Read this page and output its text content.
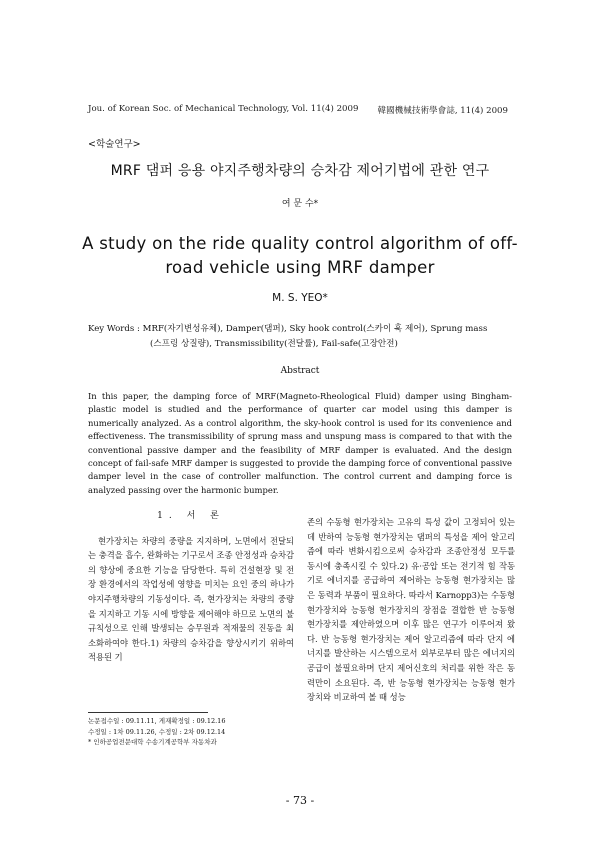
Jou. of Korean Soc. of Mechanical Technology, Vol. 11(4) 2009 韓國機械技術學會誌, 11(4) 2009
<학술연구>
MRF 댐퍼 응용 야지주행차량의 승차감 제어기법에 관한 연구
여 문 수*
A study on the ride quality control algorithm of off-road vehicle using MRF damper
M. S. YEO*
Key Words : MRF(자기변성유체), Damper(댐퍼), Sky hook control(스카이 훅 제어), Sprung mass
(스프링 상질량), Transmissibility(전달률), Fail-safe(고장안전)
Abstract
In this paper, the damping force of MRF(Magneto-Rheological Fluid) damper using Bingham-plastic model is studied and the performance of quarter car model using this damper is numerically analyzed. As a control algorithm, the sky-hook control is used for its convenience and effectiveness. The transmissibility of sprung mass and unspung mass is compared to that with the conventional passive damper and the feasibility of MRF damper is evaluated. And the design concept of fail-safe MRF damper is suggested to provide the damping force of conventional passive damper level in the case of controller malfunction. The control current and damping force is analyzed passing over the harmonic bumper.
1. 서 론

현가장치는 차량의 중량을 지지하며, 노면에서 전달되는 충격을 흡수, 완화하는 기구로서 조종 안정성과 승차감의 향상에 중요한 기능을 담당한다. 특히 건설현장 및 전장 환경에서의 작업성에 영향을 미치는 요인 중의 하나가 야지주행차량의 기동성이다. 즉, 현가장치는 차량의 중량을 지지하고 기동 시에 방향을 제어해야 하므로 노면의 불규칙성으로 인해 발생되는 승무원과 적재물의 진동을 최소화하여야 한다.1) 차량의 승차감을 향상시키기 위하여 적용된 기

존의 수동형 현가장치는 고유의 특성 값이 고정되어 있는 데 반하여 능동형 현가장치는 댐퍼의 특성을 제어 알고리즘에 따라 변화시킴으로써 승차감과 조종안정성 모두를 동시에 충족시킬 수 있다.2) 유·공압 또는 전기적 힘 작동기로 에너지를 공급하여 제어하는 능동형 현가장치는 많은 동력과 부품이 필요하다. 따라서 Karnopp3)는 수동형 현가장치와 능동형 현가장치의 장점을 결합한 반 능동형 현가장치를 제안하였으며 이후 많은 연구가 이루어져 왔다. 반 능동형 현가장치는 제어 알고리즘에 따라 단지 에너지를 발산하는 시스템으로서 외부로부터 많은 에너지의 공급이 불필요하며 단지 제어신호의 처리를 위한 작은 동력만이 소요된다. 즉, 반 능동형 현가장치는 능동형 현가장치와 비교하여 볼 때 성능

논문접수일 : 09.11.11, 게재확정일 : 09.12.16
수정일 : 1차 09.11.26, 수정일 : 2차 09.12.14
* 인하공업전문대학 수송기계공학부 자동차과
- 73 -
